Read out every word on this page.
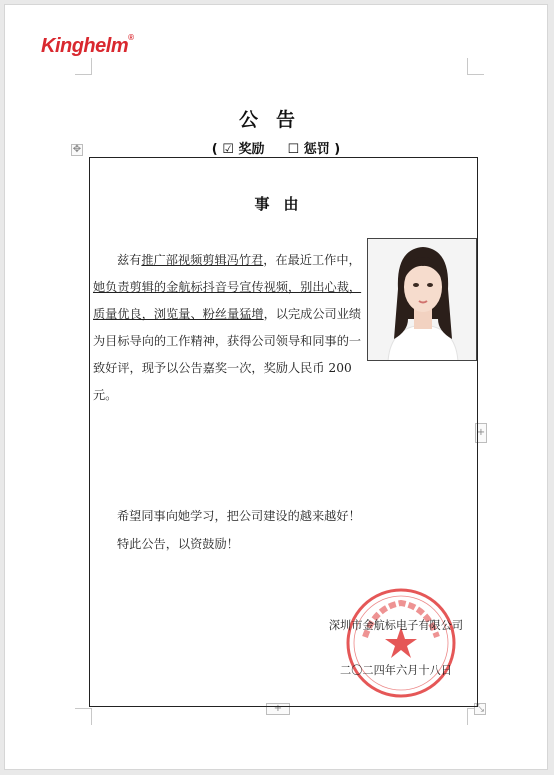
Kinghelm®
公告
( ☑ 奖励 ☐ 惩罚 )
✥
+
+	⤡
事由
兹有推广部视频剪辑冯竹君，在最近工作中，她负责剪辑的金航标抖音号宣传视频，别出心裁，质量优良，浏览量、粉丝量猛增，以完成公司业绩为目标导向的工作精神，获得公司领导和同事的一致好评，现予以公告嘉奖一次，奖励人民币 200元。
希望同事向她学习，把公司建设的越来越好！
特此公告，以资鼓励！
深圳市金航标电子有限公司
二〇二四年六月十八日
